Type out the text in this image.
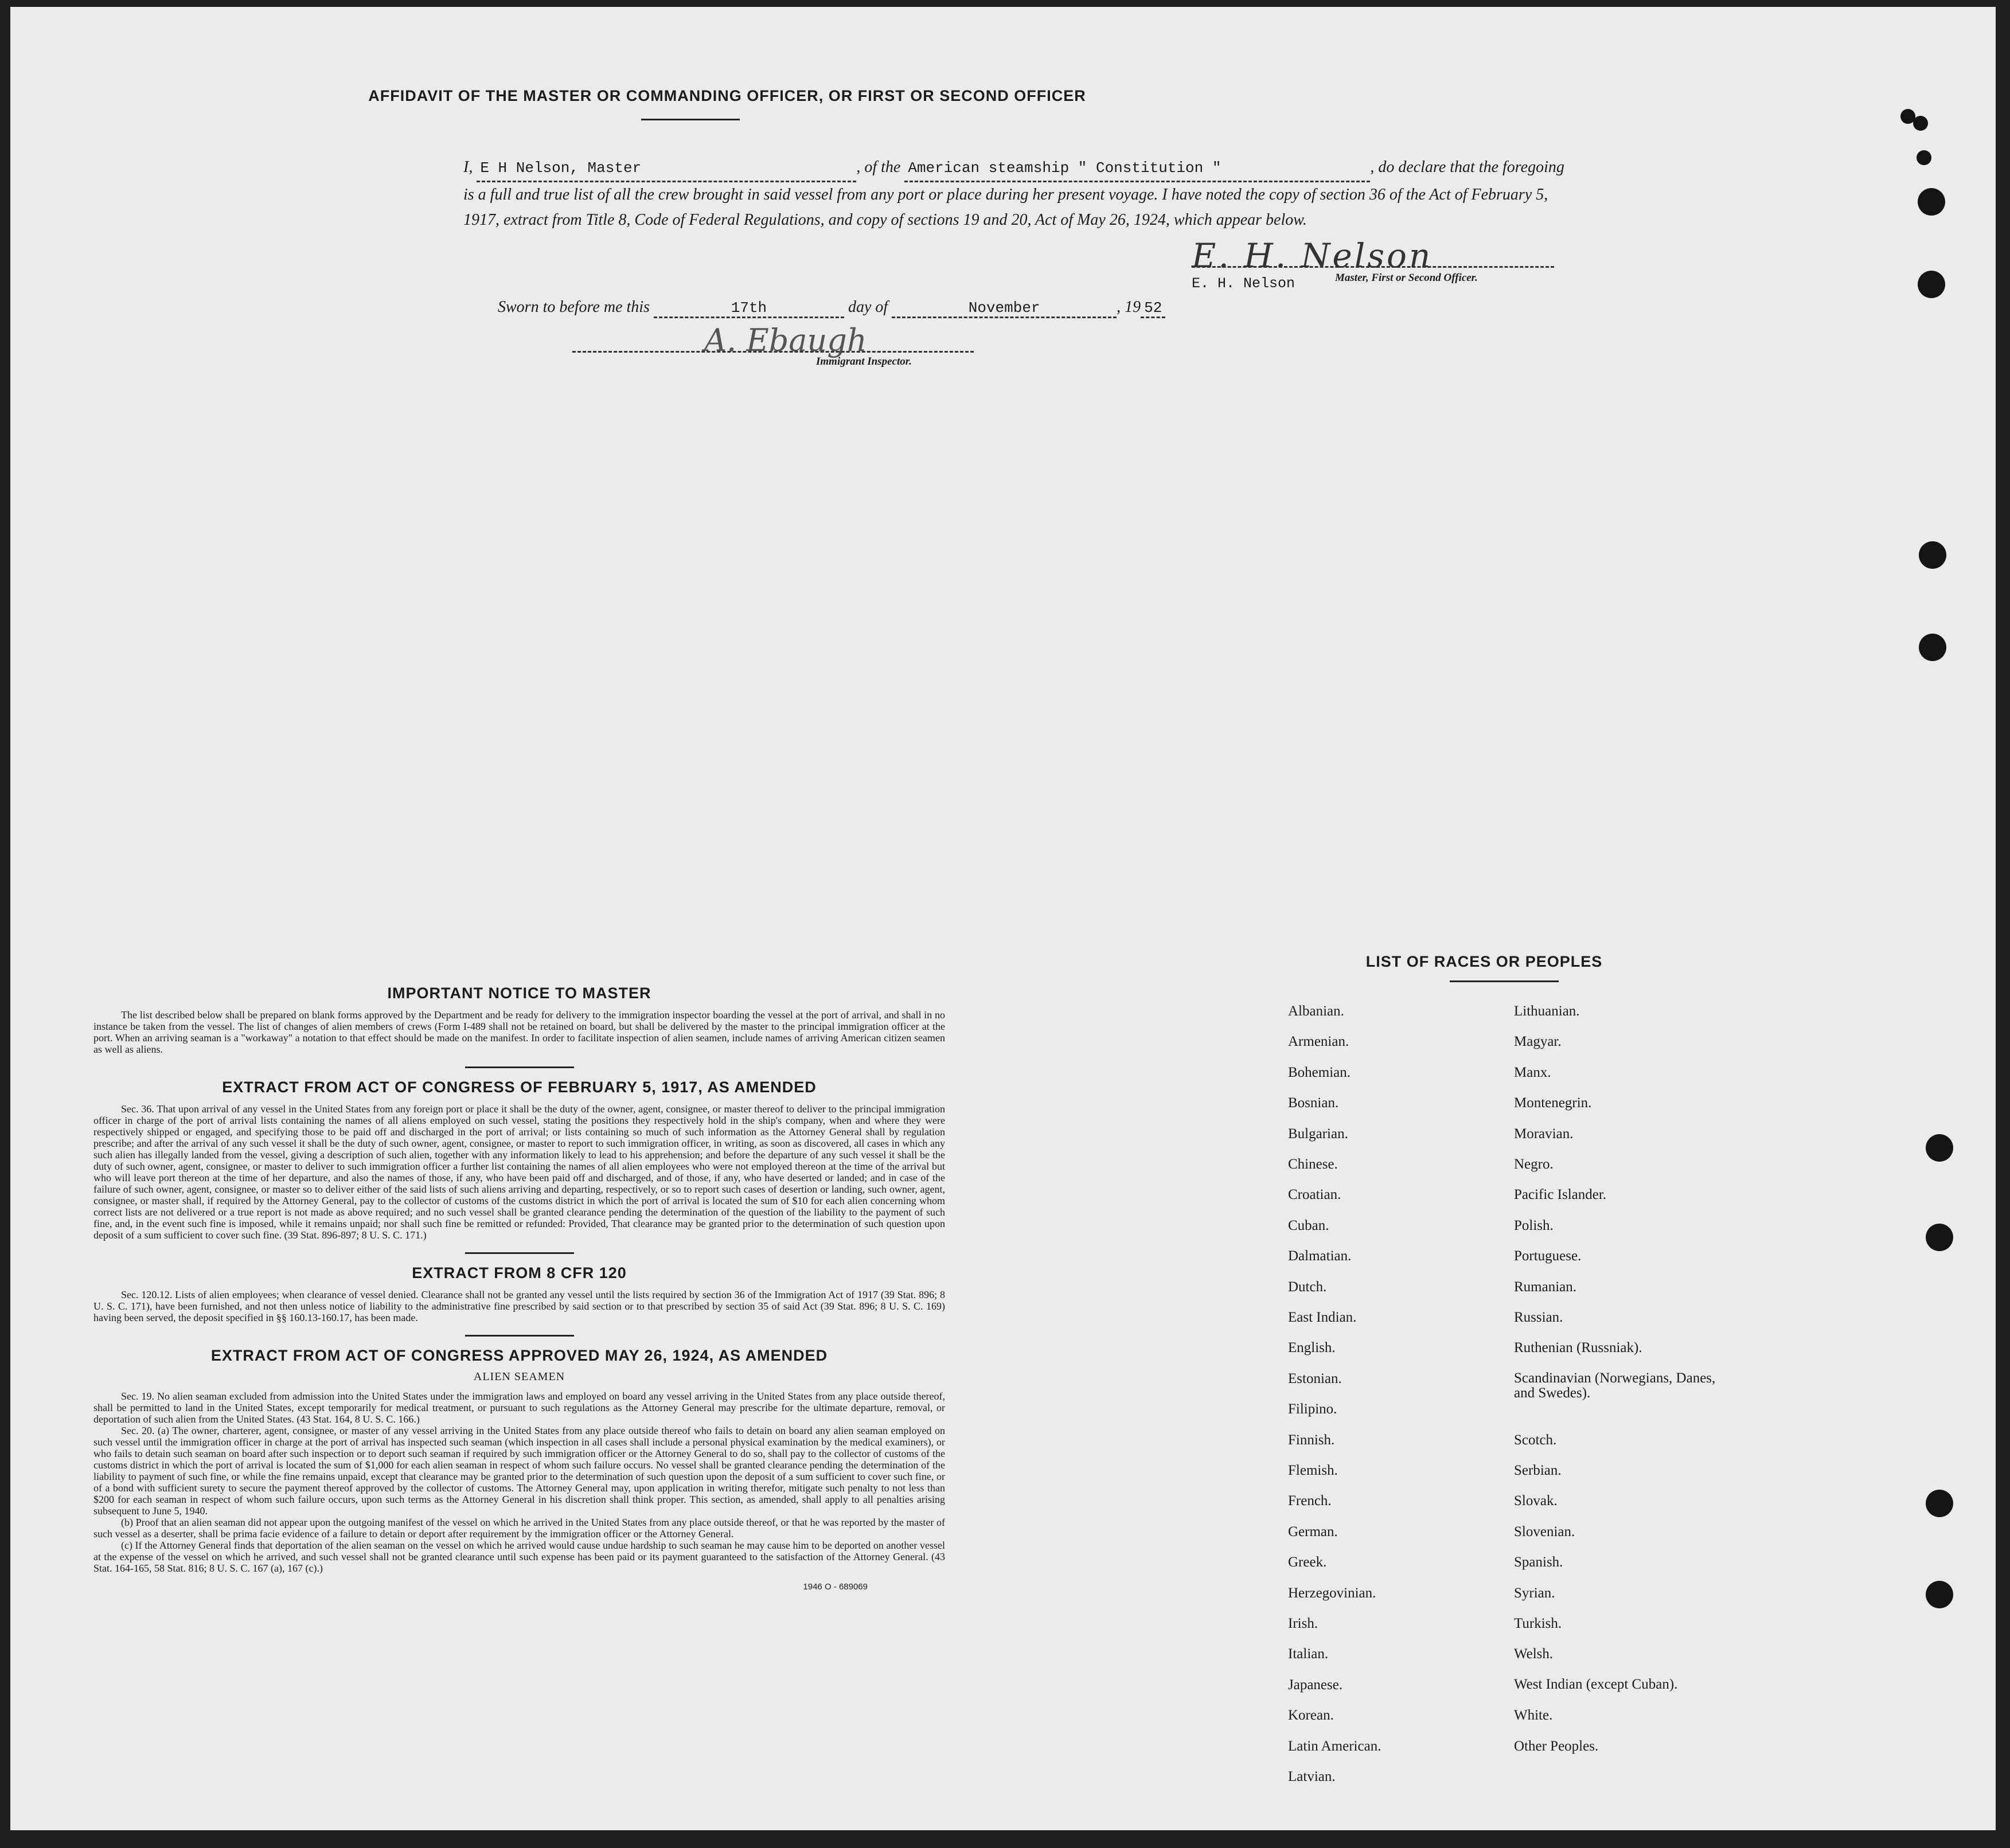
AFFIDAVIT OF THE MASTER OR COMMANDING OFFICER, OR FIRST OR SECOND OFFICER
I, E H Nelson, Master	, of the American steamship " Constitution "	, do declare that the foregoing is a full and true list of all the crew brought in said vessel from any port or place during her present voyage. I have noted the copy of section 36 of the Act of February 5, 1917, extract from Title 8, Code of Federal Regulations, and copy of sections 19 and 20, Act of May 26, 1924, which appear below.
E. H. Nelson
E. H. Nelson	Master, First or Second Officer.
Sworn to before me this	17th	day of	November	, 19 52
A. Ebaugh
Immigrant Inspector.
IMPORTANT NOTICE TO MASTER

The list described below shall be prepared on blank forms approved by the Department and be ready for delivery to the immigration inspector boarding the vessel at the port of arrival, and shall in no instance be taken from the vessel. The list of changes of alien members of crews (Form I-489 shall not be retained on board, but shall be delivered by the master to the principal immigration officer at the port. When an arriving seaman is a "workaway" a notation to that effect should be made on the manifest. In order to facilitate inspection of alien seamen, include names of arriving American citizen seamen as well as aliens.

EXTRACT FROM ACT OF CONGRESS OF FEBRUARY 5, 1917, AS AMENDED

Sec. 36. That upon arrival of any vessel in the United States from any foreign port or place it shall be the duty of the owner, agent, consignee, or master thereof to deliver to the principal immigration officer in charge of the port of arrival lists containing the names of all aliens employed on such vessel, stating the positions they respectively hold in the ship's company, when and where they were respectively shipped or engaged, and specifying those to be paid off and discharged in the port of arrival; or lists containing so much of such information as the Attorney General shall by regulation prescribe; and after the arrival of any such vessel it shall be the duty of such owner, agent, consignee, or master to report to such immigration officer, in writing, as soon as discovered, all cases in which any such alien has illegally landed from the vessel, giving a description of such alien, together with any information likely to lead to his apprehension; and before the departure of any such vessel it shall be the duty of such owner, agent, consignee, or master to deliver to such immigration officer a further list containing the names of all alien employees who were not employed thereon at the time of the arrival but who will leave port thereon at the time of her departure, and also the names of those, if any, who have been paid off and discharged, and of those, if any, who have deserted or landed; and in case of the failure of such owner, agent, consignee, or master so to deliver either of the said lists of such aliens arriving and departing, respectively, or so to report such cases of desertion or landing, such owner, agent, consignee, or master shall, if required by the Attorney General, pay to the collector of customs of the customs district in which the port of arrival is located the sum of $10 for each alien concerning whom correct lists are not delivered or a true report is not made as above required; and no such vessel shall be granted clearance pending the determination of the question of the liability to the payment of such fine, and, in the event such fine is imposed, while it remains unpaid; nor shall such fine be remitted or refunded: Provided, That clearance may be granted prior to the determination of such question upon deposit of a sum sufficient to cover such fine. (39 Stat. 896-897; 8 U. S. C. 171.)

EXTRACT FROM 8 CFR 120

Sec. 120.12. Lists of alien employees; when clearance of vessel denied. Clearance shall not be granted any vessel until the lists required by section 36 of the Immigration Act of 1917 (39 Stat. 896; 8 U. S. C. 171), have been furnished, and not then unless notice of liability to the administrative fine prescribed by said section or to that prescribed by section 35 of said Act (39 Stat. 896; 8 U. S. C. 169) having been served, the deposit specified in §§ 160.13-160.17, has been made.

EXTRACT FROM ACT OF CONGRESS APPROVED MAY 26, 1924, AS AMENDED
ALIEN SEAMEN

Sec. 19. No alien seaman excluded from admission into the United States under the immigration laws and employed on board any vessel arriving in the United States from any place outside thereof, shall be permitted to land in the United States, except temporarily for medical treatment, or pursuant to such regulations as the Attorney General may prescribe for the ultimate departure, removal, or deportation of such alien from the United States. (43 Stat. 164, 8 U. S. C. 166.)

Sec. 20. (a) The owner, charterer, agent, consignee, or master of any vessel arriving in the United States from any place outside thereof who fails to detain on board any alien seaman employed on such vessel until the immigration officer in charge at the port of arrival has inspected such seaman (which inspection in all cases shall include a personal physical examination by the medical examiners), or who fails to detain such seaman on board after such inspection or to deport such seaman if required by such immigration officer or the Attorney General to do so, shall pay to the collector of customs of the customs district in which the port of arrival is located the sum of $1,000 for each alien seaman in respect of whom such failure occurs. No vessel shall be granted clearance pending the determination of the liability to payment of such fine, or while the fine remains unpaid, except that clearance may be granted prior to the determination of such question upon the deposit of a sum sufficient to cover such fine, or of a bond with sufficient surety to secure the payment thereof approved by the collector of customs. The Attorney General may, upon application in writing therefor, mitigate such penalty to not less than $200 for each seaman in respect of whom such failure occurs, upon such terms as the Attorney General in his discretion shall think proper. This section, as amended, shall apply to all penalties arising subsequent to June 5, 1940.

(b) Proof that an alien seaman did not appear upon the outgoing manifest of the vessel on which he arrived in the United States from any place outside thereof, or that he was reported by the master of such vessel as a deserter, shall be prima facie evidence of a failure to detain or deport after requirement by the immigration officer or the Attorney General.

(c) If the Attorney General finds that deportation of the alien seaman on the vessel on which he arrived would cause undue hardship to such seaman he may cause him to be deported on another vessel at the expense of the vessel on which he arrived, and such vessel shall not be granted clearance until such expense has been paid or its payment guaranteed to the satisfaction of the Attorney General. (43 Stat. 164-165, 58 Stat. 816; 8 U. S. C. 167 (a), 167 (c).)

1946 O - 689069
LIST OF RACES OR PEOPLES
Albanian.
Armenian.
Bohemian.
Bosnian.
Bulgarian.
Chinese.
Croatian.
Cuban.
Dalmatian.
Dutch.
East Indian.
English.
Estonian.
Filipino.
Finnish.
Flemish.
French.
German.
Greek.
Herzegovinian.
Irish.
Italian.
Japanese.
Korean.
Latin American.
Latvian.
Lithuanian.
Magyar.
Manx.
Montenegrin.
Moravian.
Negro.
Pacific Islander.
Polish.
Portuguese.
Rumanian.
Russian.
Ruthenian (Russniak).
Scandinavian (Norwegians, Danes, and Swedes).
Scotch.
Serbian.
Slovak.
Slovenian.
Spanish.
Syrian.
Turkish.
Welsh.
West Indian (except Cuban).
White.
Other Peoples.
